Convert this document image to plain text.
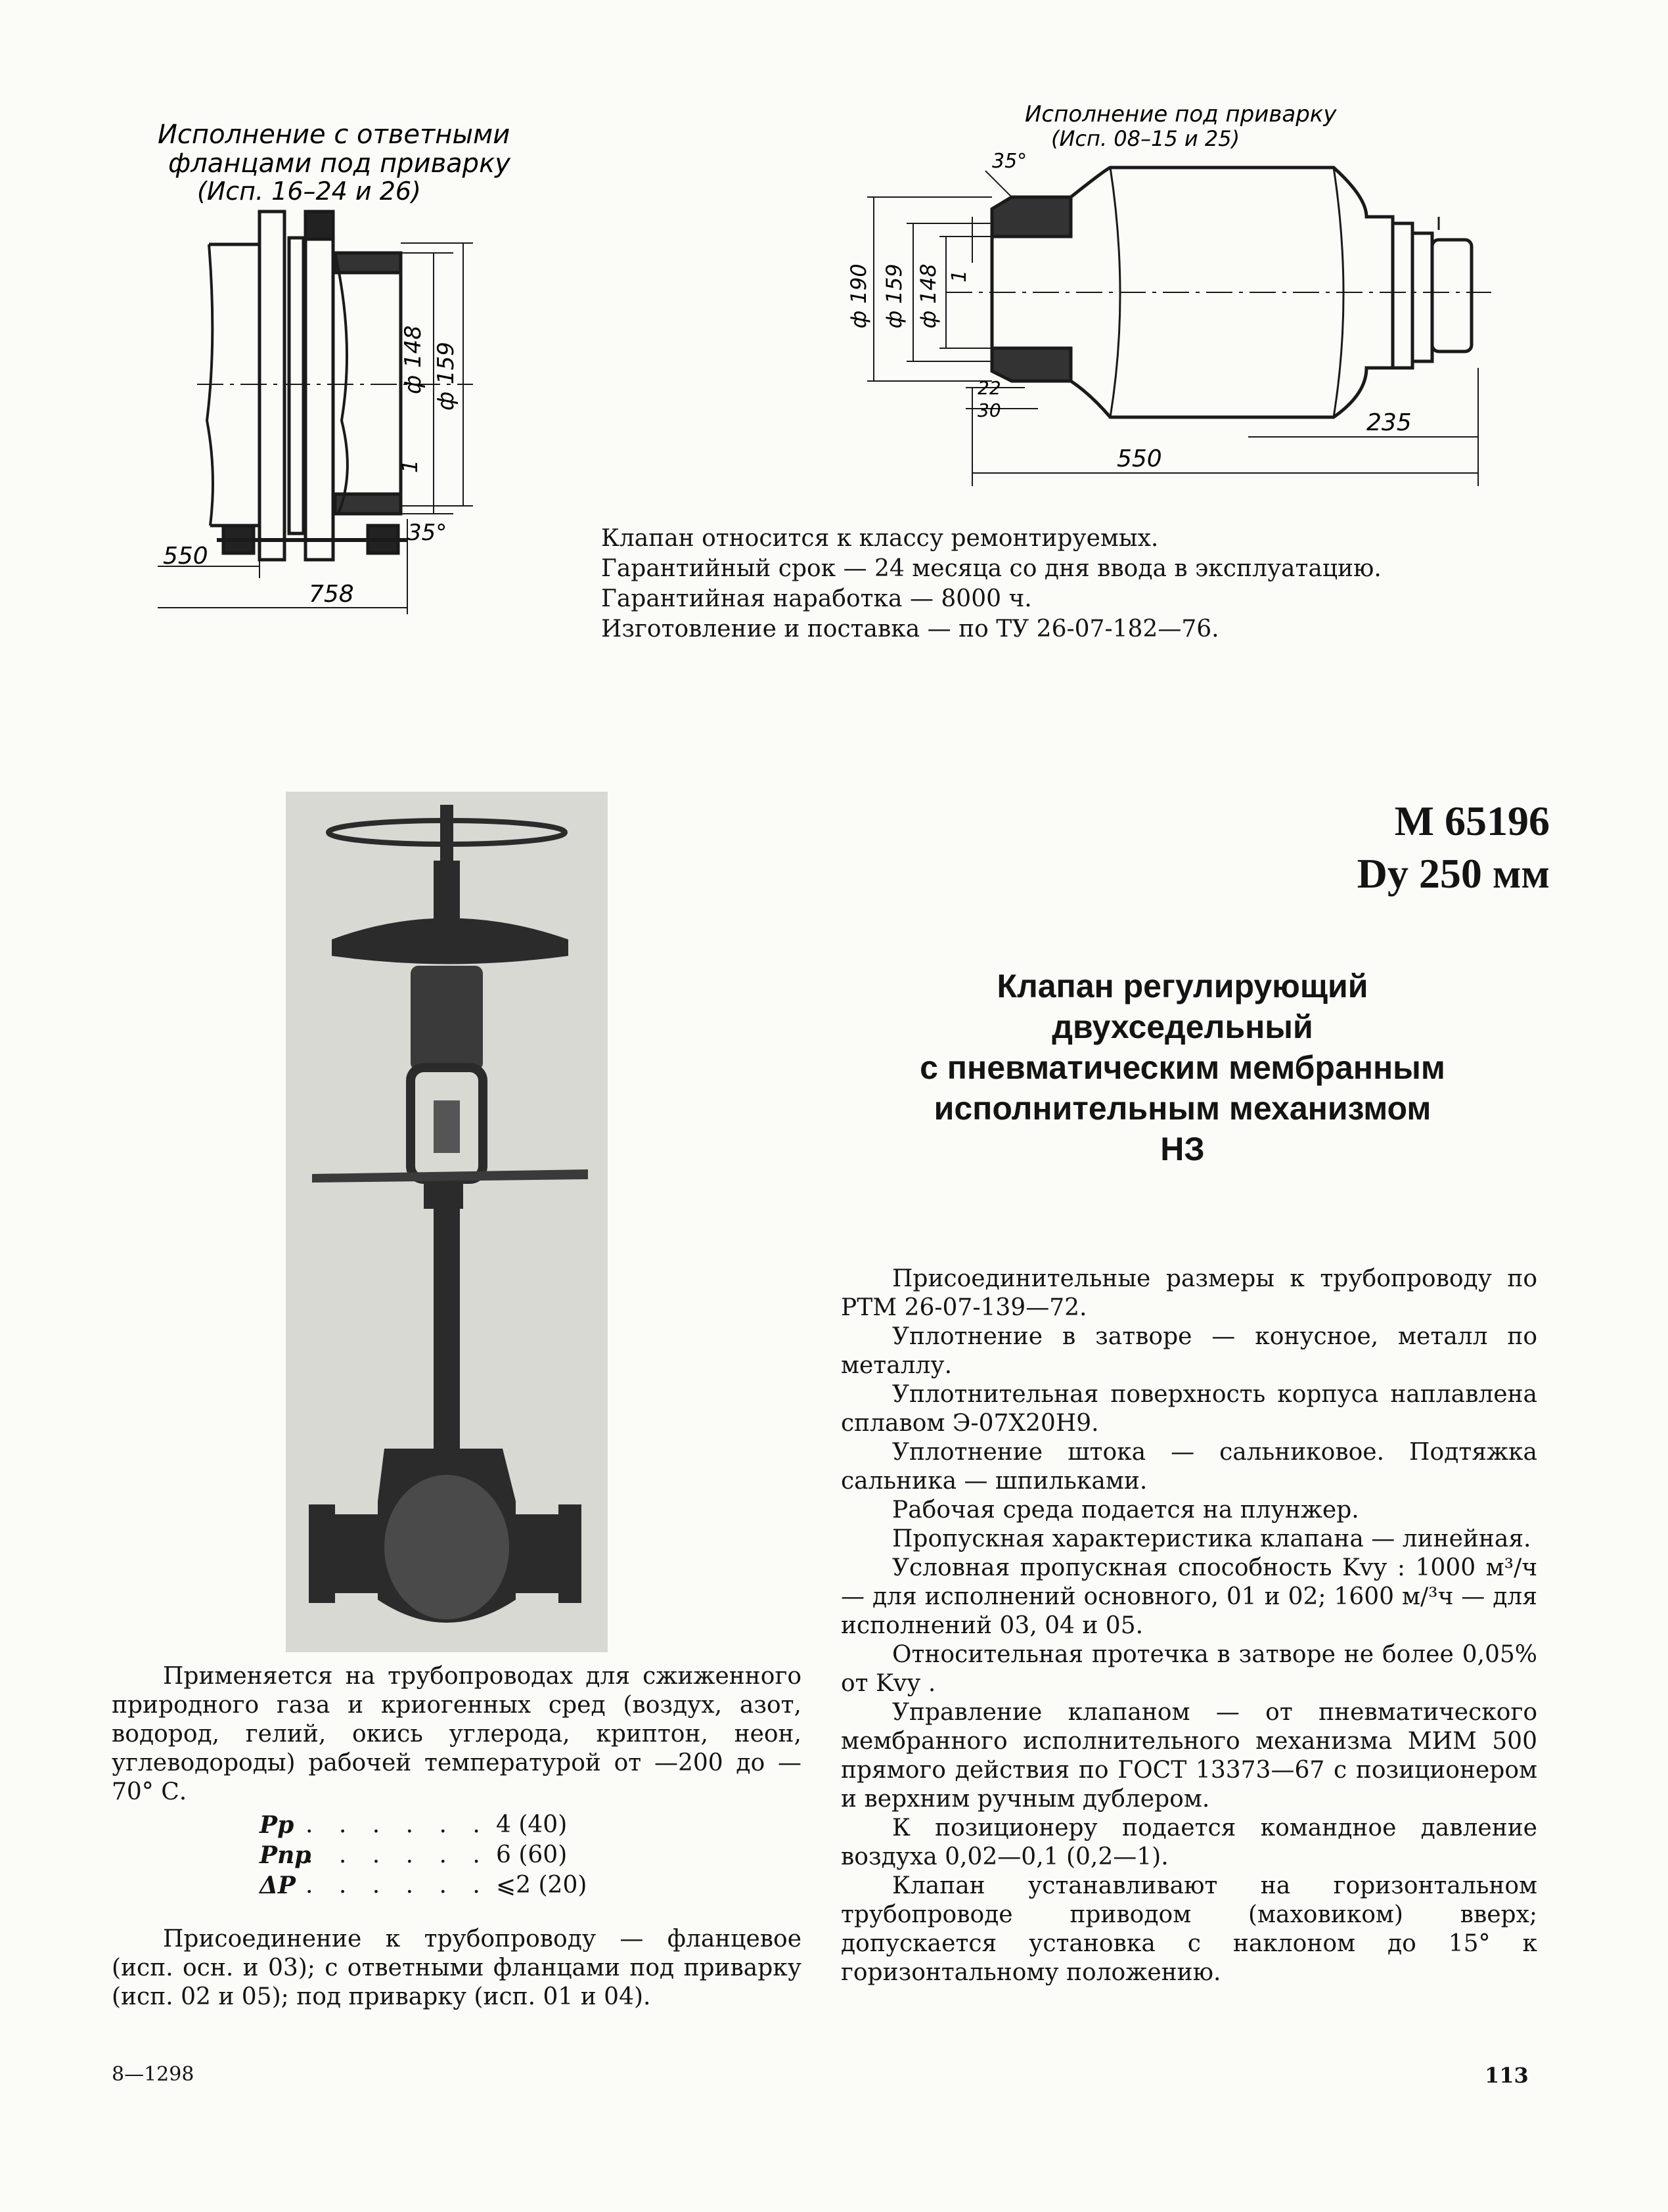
Исполнение с ответными
фланцами под приварку
(Исп. 16–24 и 26)
ф 148 ф 159
1
35°
550
758
Исполнение под приварку
(Исп. 08–15 и 25)
35°
ф 190 ф 159 ф 148 1
22
30	235
550
Клапан относится к классу ремонтируемых.
Гарантийный срок — 24 месяца со дня ввода в эксплуатацию.
Гарантийная наработка — 8000 ч.
Изготовление и поставка — по ТУ 26-07-182—76.
М 65196
Dу 250 мм
Клапан регулирующий
двухседельный
с пневматическим мембранным
исполнительным механизмом
НЗ

Применяется на трубопроводах для сжиженного природного газа и криогенных сред (воздух, азот, водород, гелий, окись углерода, криптон, неон, углеводороды) рабочей температурой от —200 до —70° С.

Pр . . . . . . 4 (40)
Pпр
. . . . . . 6 (60)
ΔP . . . . . . ⩽2 (20)

Присоединение к трубопроводу — фланцевое (исп. осн. и 03); с ответными фланцами под приварку (исп. 02 и 05); под приварку (исп. 01 и 04).

Присоединительные размеры к трубопроводу по РТМ 26-07-139—72.

Уплотнение в затворе — конусное, металл по металлу.

Уплотнительная поверхность корпуса наплавлена сплавом Э-07Х20Н9.

Уплотнение штока — сальниковое. Подтяжка сальника — шпильками.

Рабочая среда подается на плунжер.

Пропускная характеристика клапана — линейная.

Условная пропускная способность Kvу : 1000 м³/ч — для исполнений основного, 01 и 02; 1600 м/³ч — для исполнений 03, 04 и 05.

Относительная протечка в затворе не более 0,05% от Kvу .

Управление клапаном — от пневматического мембранного исполнительного механизма МИМ 500 прямого действия по ГОСТ 13373—67 с позиционером и верхним ручным дублером.

К позиционеру подается командное давление воздуха 0,02—0,1 (0,2—1).

Клапан устанавливают на горизонтальном трубопроводе приводом (маховиком) вверх; допускается установка с наклоном до 15° к горизонтальному положению.

8—1298	113
